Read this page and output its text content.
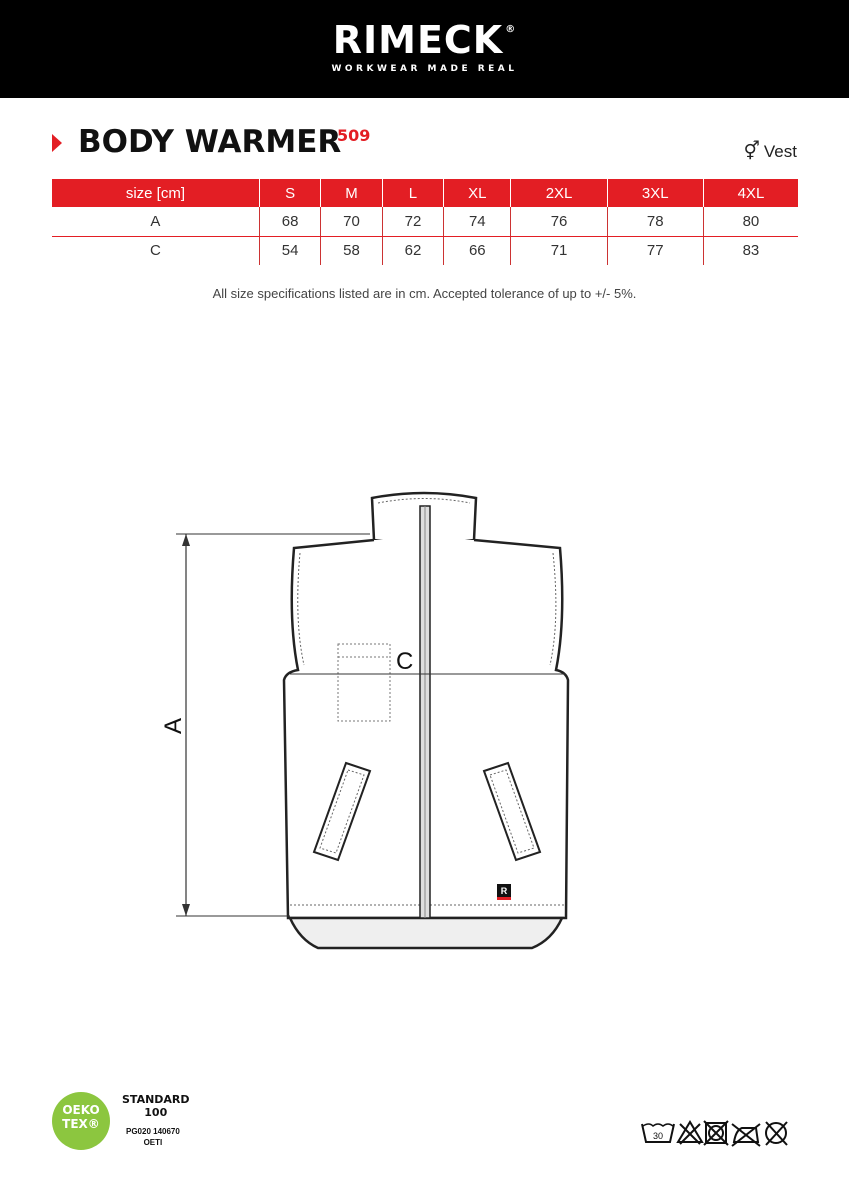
RIMECK ®
WORKWEAR MADE REAL
BODY WARMER
509
⚥ Vest
size [cm]	S	M	L	XL	2XL	3XL	4XL
A	68	70	72	74	76	78	80
C	54	58	62	66	71	77	83
All size specifications listed are in cm. Accepted tolerance of up to +/- 5%.
R
A
C
OEKO
TEX®
STANDARD
100
PG020 140670
OETI
30
